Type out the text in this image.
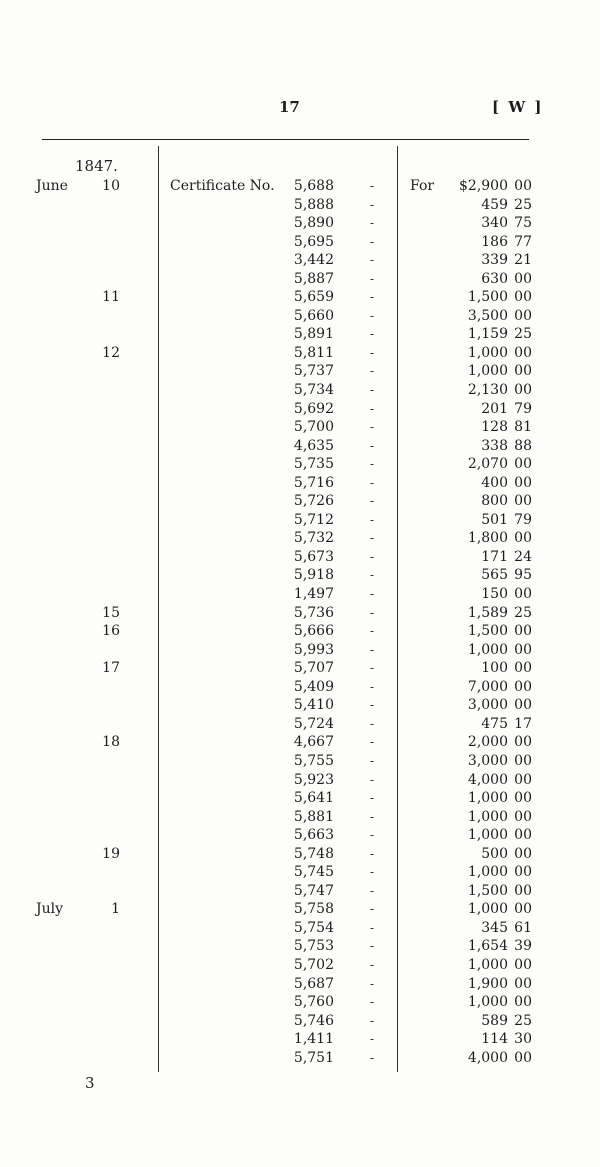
17	[ W ]
1847.
June	10	Certificate No.	5,688	-	For	$2,900 00
5,888	-	459 25
5,890	-	340 75
5,695	-	186 77
3,442	-	339 21
5,887	-	630 00
11	5,659	-	1,500 00
5,660	-	3,500 00
5,891	-	1,159 25
12	5,811	-	1,000 00
5,737	-	1,000 00
5,734	-	2,130 00
5,692	-	201 79
5,700	-	128 81
4,635	-	338 88
5,735	-	2,070 00
5,716	-	400 00
5,726	-	800 00
5,712	-	501 79
5,732	-	1,800 00
5,673	-	171 24
5,918	-	565 95
1,497	-	150 00
15	5,736	-	1,589 25
16	5,666	-	1,500 00
5,993	-	1,000 00
17	5,707	-	100 00
5,409	-	7,000 00
5,410	-	3,000 00
5,724	-	475 17
18	4,667	-	2,000 00
5,755	-	3,000 00
5,923	-	4,000 00
5,641	-	1,000 00
5,881	-	1,000 00
5,663	-	1,000 00
19	5,748	-	500 00
5,745	-	1,000 00
5,747	-	1,500 00
July	1	5,758	-	1,000 00
5,754	-	345 61
5,753	-	1,654 39
5,702	-	1,000 00
5,687	-	1,900 00
5,760	-	1,000 00
5,746	-	589 25
1,411	-	114 30
5,751	-	4,000 00
3
